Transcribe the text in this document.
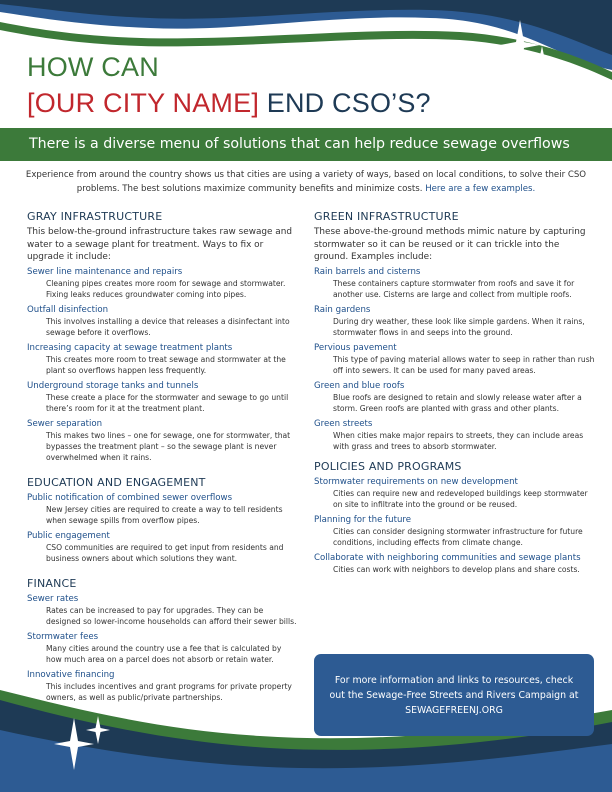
HOW CAN
[OUR CITY NAME] END CSO’S?
There is a diverse menu of solutions that can help reduce sewage overflows
Experience from around the country shows us that cities are using a variety of ways, based on local conditions, to solve their CSO problems. The best solutions maximize community benefits and minimize costs. Here are a few examples.
GRAY INFRASTRUCTURE
This below-the-ground infrastructure takes raw sewage and water to a sewage plant for treatment. Ways to fix or upgrade it include:
Sewer line maintenance and repairs
Cleaning pipes creates more room for sewage and stormwater. Fixing leaks reduces groundwater coming into pipes.
Outfall disinfection
This involves installing a device that releases a disinfectant into sewage before it overflows.
Increasing capacity at sewage treatment plants
This creates more room to treat sewage and stormwater at the plant so overflows happen less frequently.
Underground storage tanks and tunnels
These create a place for the stormwater and sewage to go until there’s room for it at the treatment plant.
Sewer separation
This makes two lines – one for sewage, one for stormwater, that bypasses the treatment plant – so the sewage plant is never overwhelmed when it rains.
EDUCATION AND ENGAGEMENT
Public notification of combined sewer overflows
New Jersey cities are required to create a way to tell residents when sewage spills from overflow pipes.
Public engagement
CSO communities are required to get input from residents and business owners about which solutions they want.
FINANCE
Sewer rates
Rates can be increased to pay for upgrades. They can be designed so lower-income households can afford their sewer bills.
Stormwater fees
Many cities around the country use a fee that is calculated by how much area on a parcel does not absorb or retain water.
Innovative financing
This includes incentives and grant programs for private property owners, as well as public/private partnerships.
GREEN INFRASTRUCTURE
These above-the-ground methods mimic nature by capturing stormwater so it can be reused or it can trickle into the ground. Examples include:
Rain barrels and cisterns
These containers capture stormwater from roofs and save it for another use. Cisterns are large and collect from multiple roofs.
Rain gardens
During dry weather, these look like simple gardens. When it rains, stormwater flows in and seeps into the ground.
Pervious pavement
This type of paving material allows water to seep in rather than rush off into sewers. It can be used for many paved areas.
Green and blue roofs
Blue roofs are designed to retain and slowly release water after a storm. Green roofs are planted with grass and other plants.
Green streets
When cities make major repairs to streets, they can include areas with grass and trees to absorb stormwater.
POLICIES AND PROGRAMS
Stormwater requirements on new development
Cities can require new and redeveloped buildings keep stormwater on site to infiltrate into the ground or be reused.
Planning for the future
Cities can consider designing stormwater infrastructure for future conditions, including effects from climate change.
Collaborate with neighboring communities and sewage plants
Cities can work with neighbors to develop plans and share costs.
For more information and links to resources, check out the Sewage-Free Streets and Rivers Campaign at SEWAGEFREENJ.ORG
